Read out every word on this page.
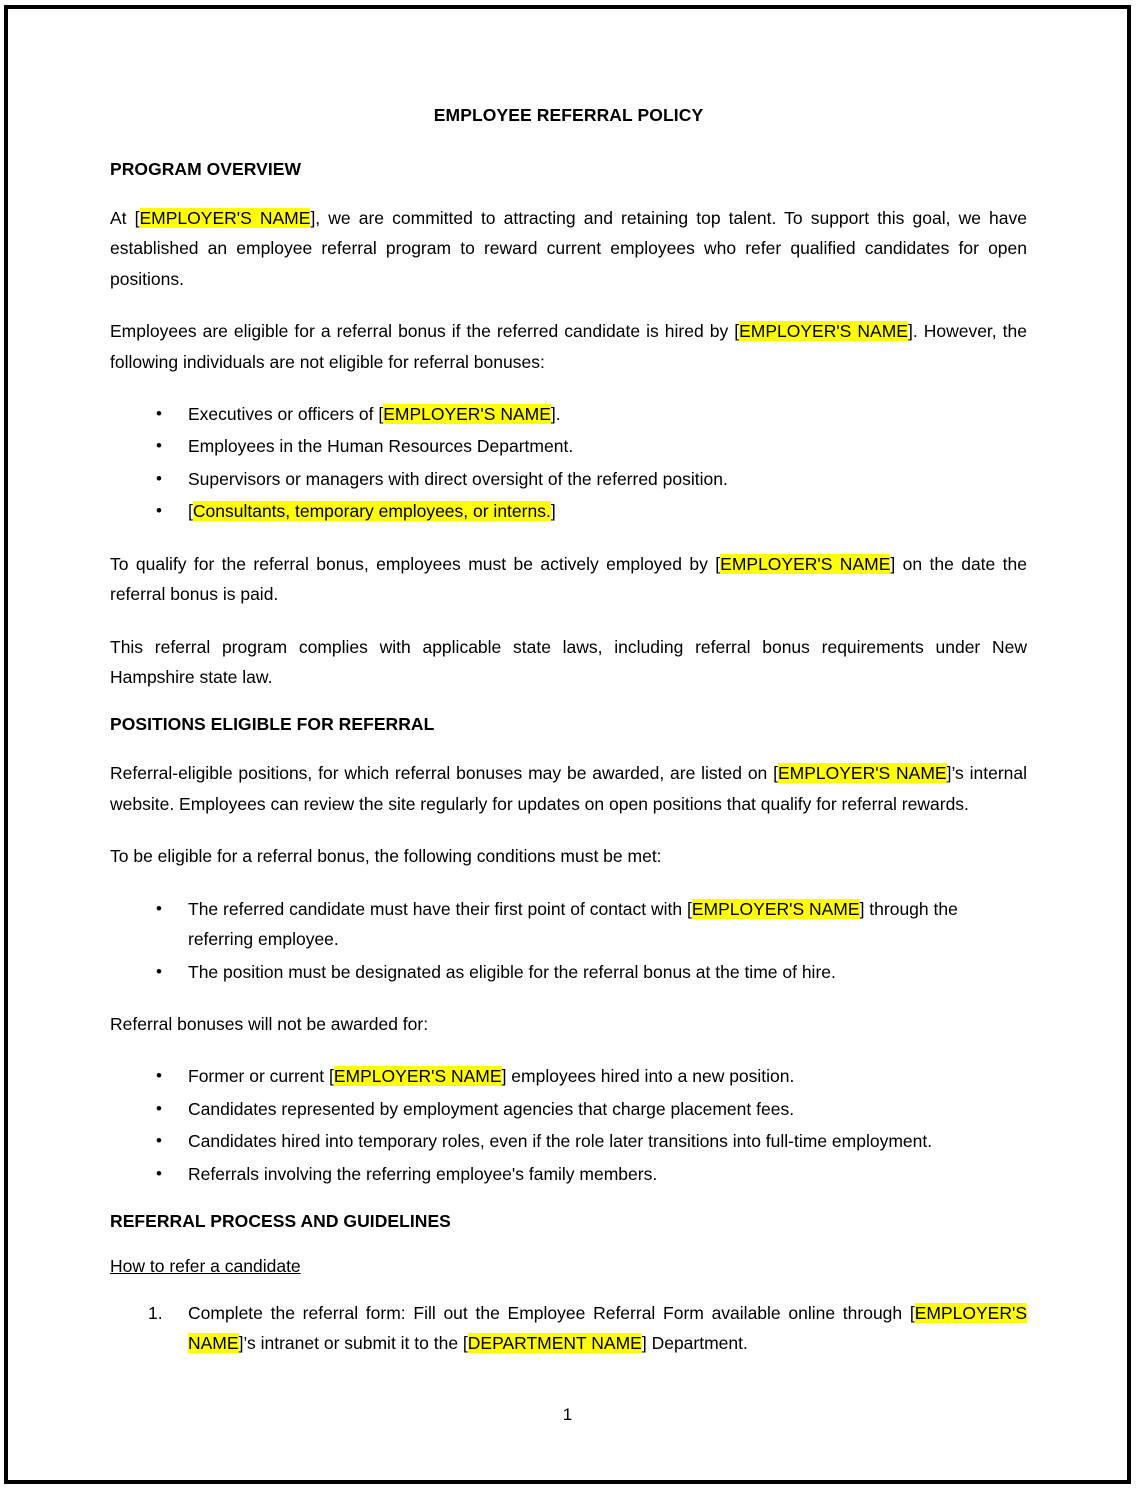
EMPLOYEE REFERRAL POLICY
PROGRAM OVERVIEW

At [EMPLOYER'S NAME], we are committed to attracting and retaining top talent. To support this goal, we have established an employee referral program to reward current employees who refer qualified candidates for open positions.

Employees are eligible for a referral bonus if the referred candidate is hired by [EMPLOYER'S NAME]. However, the following individuals are not eligible for referral bonuses:

• Executives or officers of [EMPLOYER'S NAME].
• Employees in the Human Resources Department.
• Supervisors or managers with direct oversight of the referred position.
• [Consultants, temporary employees, or interns.]

To qualify for the referral bonus, employees must be actively employed by [EMPLOYER'S NAME] on the date the referral bonus is paid.

This referral program complies with applicable state laws, including referral bonus requirements under New Hampshire state law.

POSITIONS ELIGIBLE FOR REFERRAL

Referral-eligible positions, for which referral bonuses may be awarded, are listed on [EMPLOYER'S NAME]’s internal website. Employees can review the site regularly for updates on open positions that qualify for referral rewards.

To be eligible for a referral bonus, the following conditions must be met:

• The referred candidate must have their first point of contact with [EMPLOYER'S NAME] through the referring employee.
• The position must be designated as eligible for the referral bonus at the time of hire.

Referral bonuses will not be awarded for:

• Former or current [EMPLOYER'S NAME] employees hired into a new position.
• Candidates represented by employment agencies that charge placement fees.
• Candidates hired into temporary roles, even if the role later transitions into full-time employment.
• Referrals involving the referring employee's family members.
REFERRAL PROCESS AND GUIDELINES
How to refer a candidate
Complete the referral form: Fill out the Employee Referral Form available online through [EMPLOYER'S NAME]’s intranet or submit it to the [DEPARTMENT NAME] Department.
1
